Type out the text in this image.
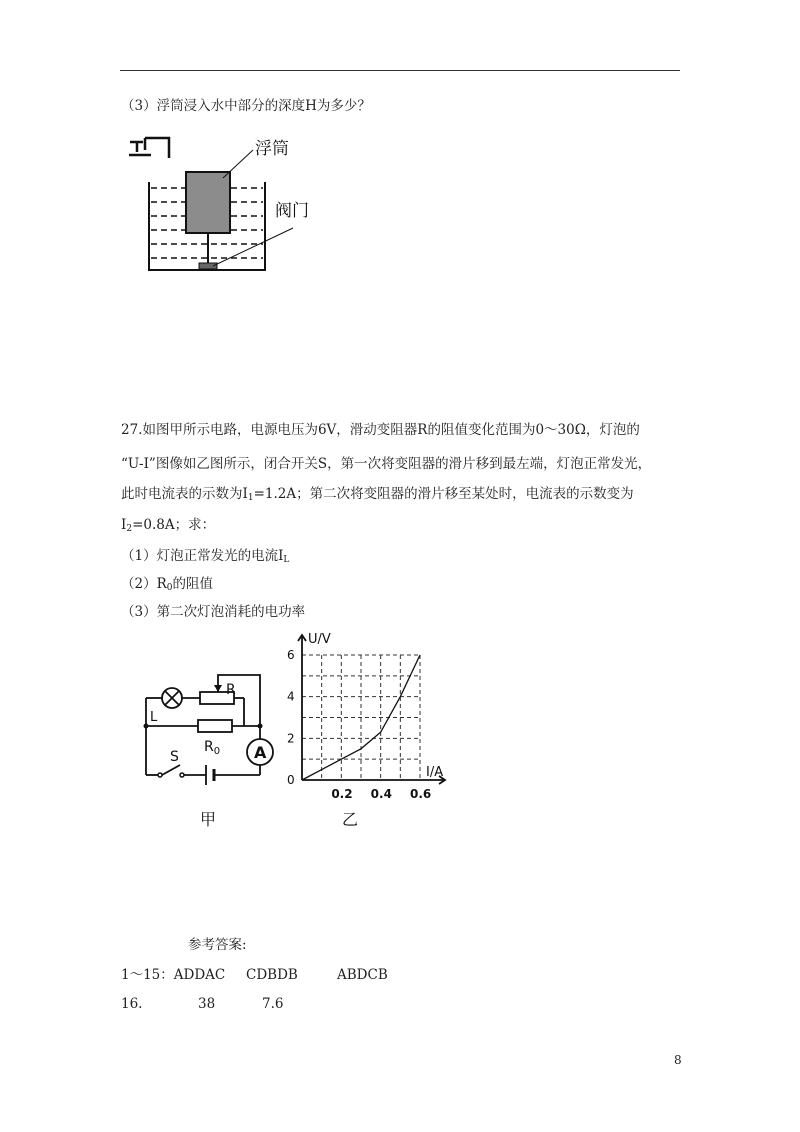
（3）浮筒浸入水中部分的深度H为多少？
浮筒
阀门
27.如图甲所示电路，电源电压为6V，滑动变阻器R的阻值变化范围为0～30Ω，灯泡的
“U-I”图像如乙图所示，闭合开关S，第一次将变阻器的滑片移到最左端，灯泡正常发光，
此时电流表的示数为$I_1=1.2A$；第二次将变阻器的滑片移至某处时，电流表的示数变为
$I_2=0.8A$；求：
（1）灯泡正常发光的电流$I_L$
$(2)R_0$的阻值
（3）第二次灯泡消耗的电功率
A
R
L
$R_0$
S
甲
0.2 0.4 0.6
0
2
4
6
U/V
I/A
乙
参考答案:
1～15：ADDAC CDBDB	ABDCB
16.	38	7.6
8
